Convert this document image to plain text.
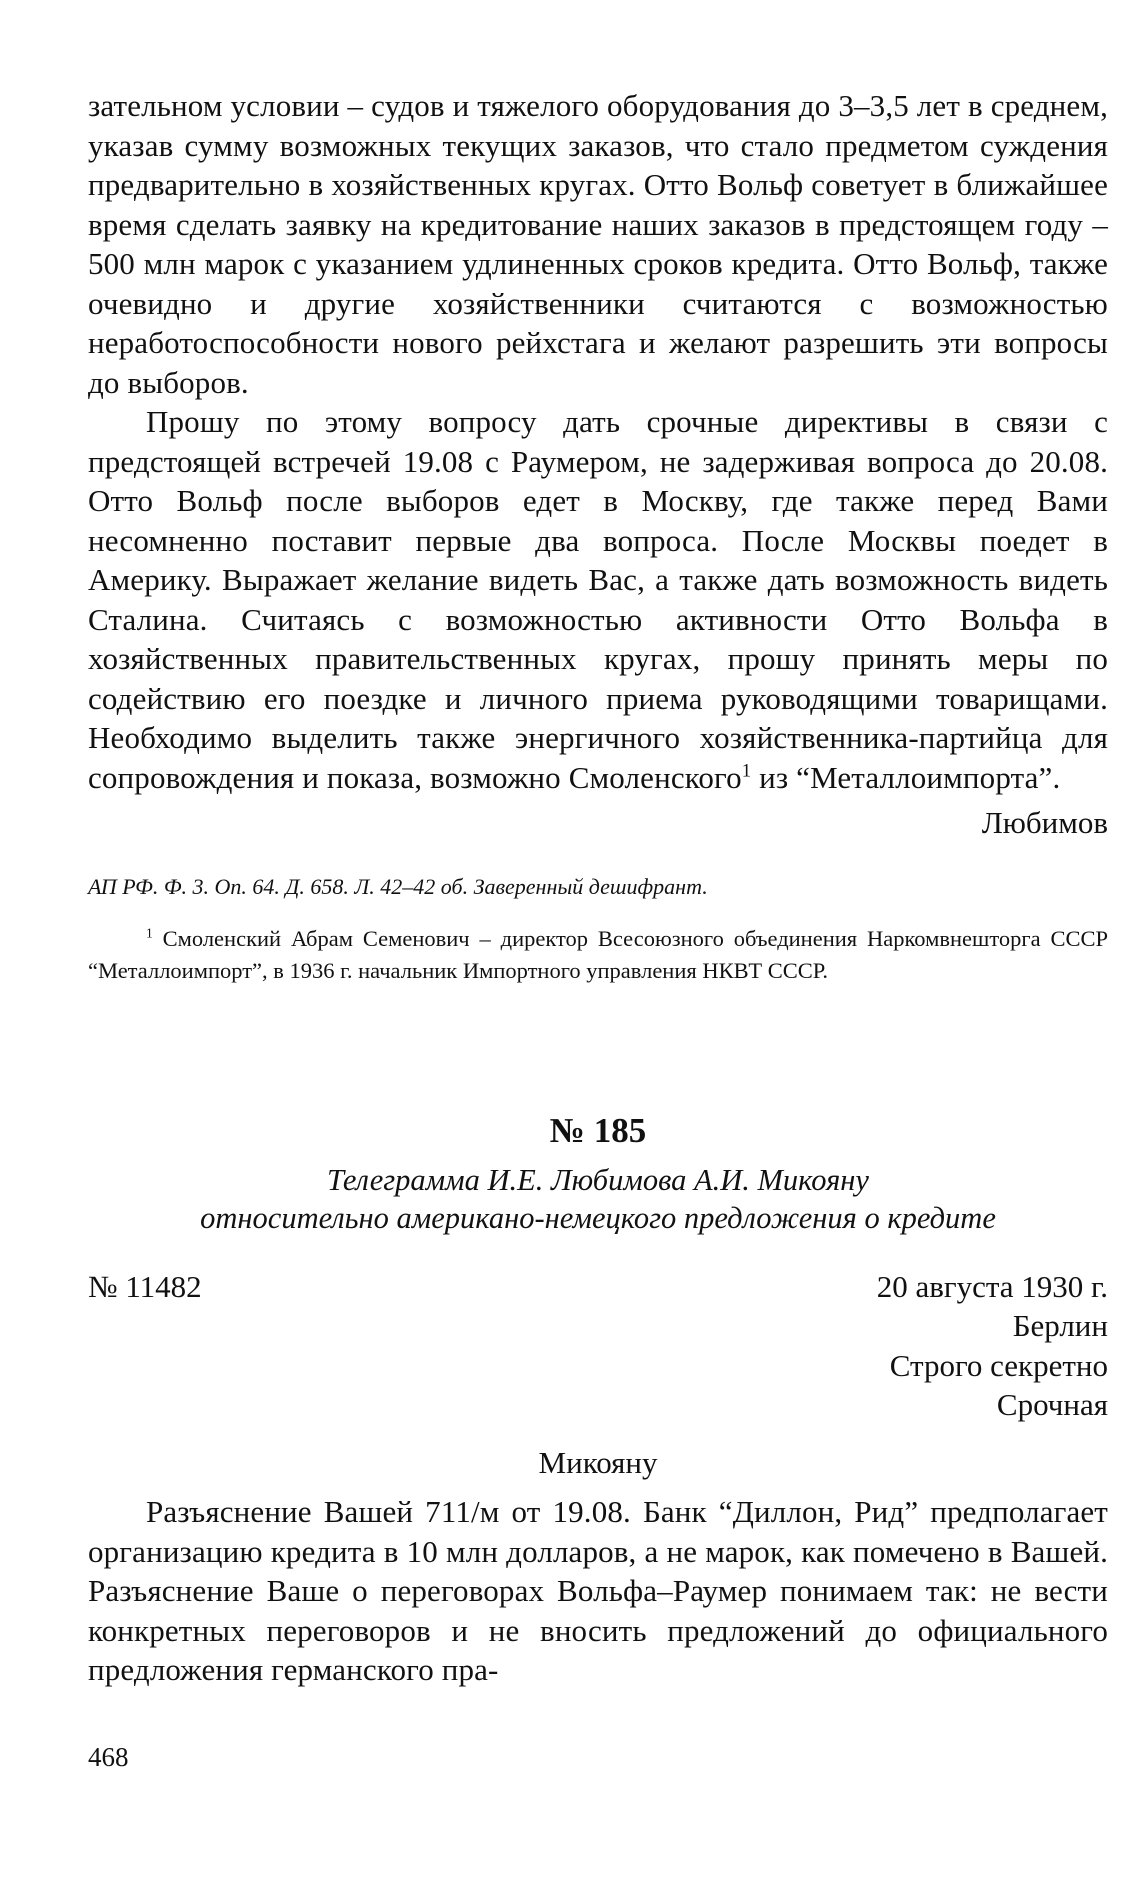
зательном условии – судов и тяжелого оборудования до 3–3,5 лет в среднем, указав сумму возможных текущих заказов, что стало предметом суждения предварительно в хозяйственных кругах. Отто Вольф советует в ближайшее время сделать заявку на кредитование наших заказов в предстоящем году – 500 млн марок с указанием удлиненных сроков кредита. Отто Вольф, также очевидно и другие хозяйственники считаются с возможностью неработоспособности нового рейхстага и желают разрешить эти вопросы до выборов.

Прошу по этому вопросу дать срочные директивы в связи с предстоящей встречей 19.08 с Раумером, не задерживая вопроса до 20.08. Отто Вольф после выборов едет в Москву, где также перед Вами несомненно поставит первые два вопроса. После Москвы поедет в Америку. Выражает желание видеть Вас, а также дать возможность видеть Сталина. Считаясь с возможностью активности Отто Вольфа в хозяйственных правительственных кругах, прошу принять меры по содействию его поездке и личного приема руководящими товарищами. Необходимо выделить также энергичного хозяйственника-партийца для сопровождения и показа, возможно Смоленского$^1$ из “Металлоимпорта”.

Любимов

АП РФ. Ф. 3. Оп. 64. Д. 658. Л. 42–42 об. Заверенный дешифрант.

$^1$ Смоленский Абрам Семенович – директор Всесоюзного объединения Наркомвнешторга СССР “Металлоимпорт”, в 1936 г. начальник Импортного управления НКВТ СССР.

№ 185

Телеграмма И.Е. Любимова А.И. Микояну
относительно американо-немецкого предложения о кредите

№ 11482	20 августа 1930 г.

Берлин

Строго секретно

Срочная

Микояну

Разъяснение Вашей 711/м от 19.08. Банк “Диллон, Рид” предполагает организацию кредита в 10 млн долларов, а не марок, как помечено в Вашей. Разъяснение Ваше о переговорах Вольфа–Раумер понимаем так: не вести конкретных переговоров и не вносить предложений до официального предложения германского пра-

468
